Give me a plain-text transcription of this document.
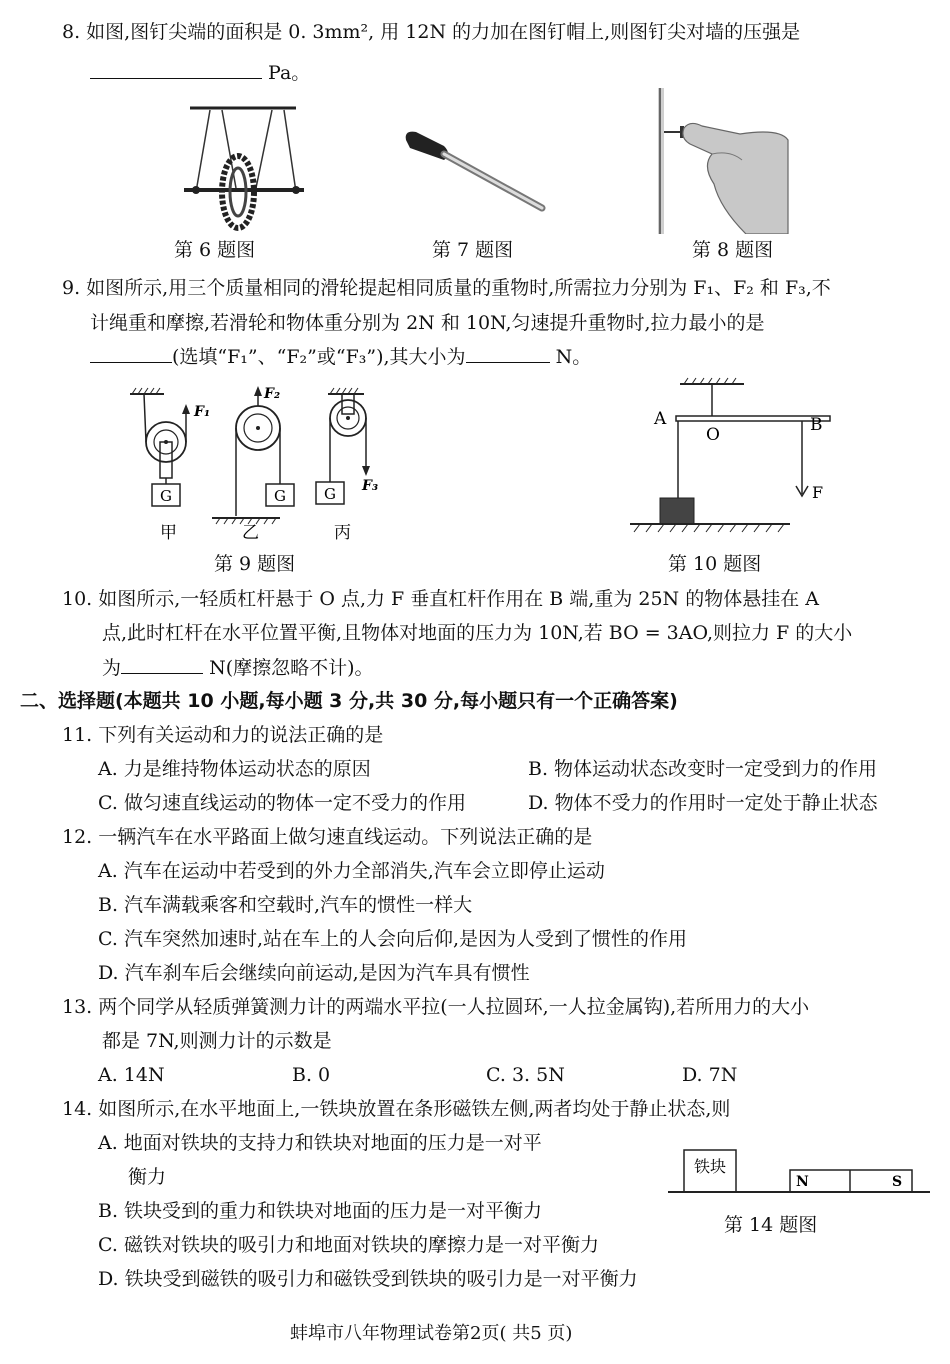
8. 如图,图钉尖端的面积是 0. 3mm², 用 12N 的力加在图钉帽上,则图钉尖对墙的压强是
Pa。
第 6 题图	第 7 题图	第 8 题图
9. 如图所示,用三个质量相同的滑轮提起相同质量的重物时,所需拉力分别为 F₁、F₂ 和 F₃,不
计绳重和摩擦,若滑轮和物体重分别为 2N 和 10N,匀速提升重物时,拉力最小的是
(选填“F₁”、“F₂”或“F₃”),其大小为	N。
G
F₁
甲
F₂
G
乙
F₃
G
丙
A
O	B
F
第 9 题图	第 10 题图
10. 如图所示,一轻质杠杆悬于 O 点,力 F 垂直杠杆作用在 B 端,重为 25N 的物体悬挂在 A
点,此时杠杆在水平位置平衡,且物体对地面的压力为 10N,若 BO = 3AO,则拉力 F 的大小
为	N(摩擦忽略不计)。
二、选择题(本题共 10 小题,每小题 3 分,共 30 分,每小题只有一个正确答案)
11. 下列有关运动和力的说法正确的是
A. 力是维持物体运动状态的原因	B. 物体运动状态改变时一定受到力的作用
C. 做匀速直线运动的物体一定不受力的作用	D. 物体不受力的作用时一定处于静止状态
12. 一辆汽车在水平路面上做匀速直线运动。下列说法正确的是
A. 汽车在运动中若受到的外力全部消失,汽车会立即停止运动
B. 汽车满载乘客和空载时,汽车的惯性一样大
C. 汽车突然加速时,站在车上的人会向后仰,是因为人受到了惯性的作用
D. 汽车刹车后会继续向前运动,是因为汽车具有惯性
13. 两个同学从轻质弹簧测力计的两端水平拉(一人拉圆环,一人拉金属钩),若所用力的大小
都是 7N,则测力计的示数是
A. 14N	B. 0	C. 3. 5N	D. 7N
14. 如图所示,在水平地面上,一铁块放置在条形磁铁左侧,两者均处于静止状态,则
A. 地面对铁块的支持力和铁块对地面的压力是一对平
衡力
B. 铁块受到的重力和铁块对地面的压力是一对平衡力
C. 磁铁对铁块的吸引力和地面对铁块的摩擦力是一对平衡力
D. 铁块受到磁铁的吸引力和磁铁受到铁块的吸引力是一对平衡力
铁块
N	S
第 14 题图
蚌埠市八年物理试卷第2页( 共5 页)
